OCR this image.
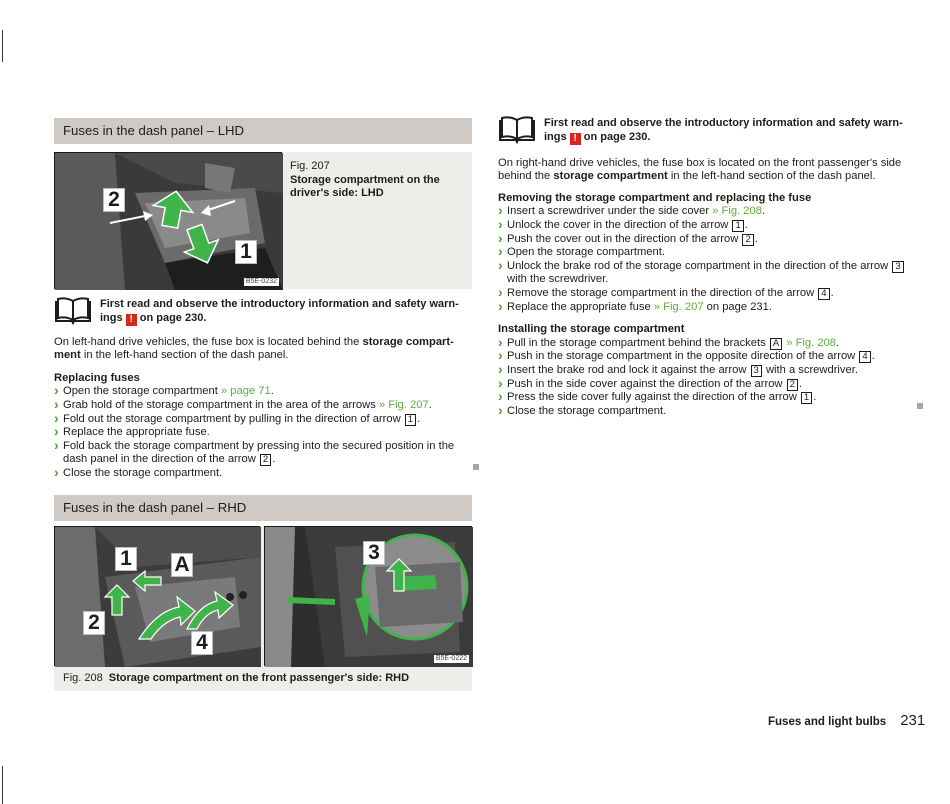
Fuses in the dash panel – LHD
2
1
B5E-0232
Fig. 207
Storage compartment on the driver's side: LHD
First read and observe the introductory information and safety warn-
ings ! on page 230.

On left-hand drive vehicles, the fuse box is located behind the storage compart-ment in the left-hand section of the dash panel.

Replacing fuses
› Open the storage compartment » page 71.
› Grab hold of the storage compartment in the area of the arrows » Fig. 207.
› Fold out the storage compartment by pulling in the direction of arrow 1 .
› Replace the appropriate fuse.
› Fold back the storage compartment by pressing into the secured position in the dash panel in the direction of the arrow 2 .
› Close the storage compartment.
Fuses in the dash panel – RHD
1 A
2
4
3
B5E-0222
Fig. 208 Storage compartment on the front passenger's side: RHD
First read and observe the introductory information and safety warn-
ings ! on page 230.

On right-hand drive vehicles, the fuse box is located on the front passenger's side behind the storage compartment in the left-hand section of the dash panel.

Removing the storage compartment and replacing the fuse
› Insert a screwdriver under the side cover » Fig. 208.
› Unlock the cover in the direction of the arrow 1 .
› Push the cover out in the direction of the arrow 2 .
› Open the storage compartment.
› Unlock the brake rod of the storage compartment in the direction of the arrow 3with the screwdriver.
› Remove the storage compartment in the direction of the arrow 4 .
› Replace the appropriate fuse » Fig. 207 on page 231.
Installing the storage compartment
› Pull in the storage compartment behind the brackets A » Fig. 208.
› Push in the storage compartment in the opposite direction of the arrow 4 .
› Insert the brake rod and lock it against the arrow 3 with a screwdriver.
› Push in the side cover against the direction of the arrow 2 .
› Press the side cover fully against the direction of the arrow 1 .
› Close the storage compartment.
Fuses and light bulbs 231
